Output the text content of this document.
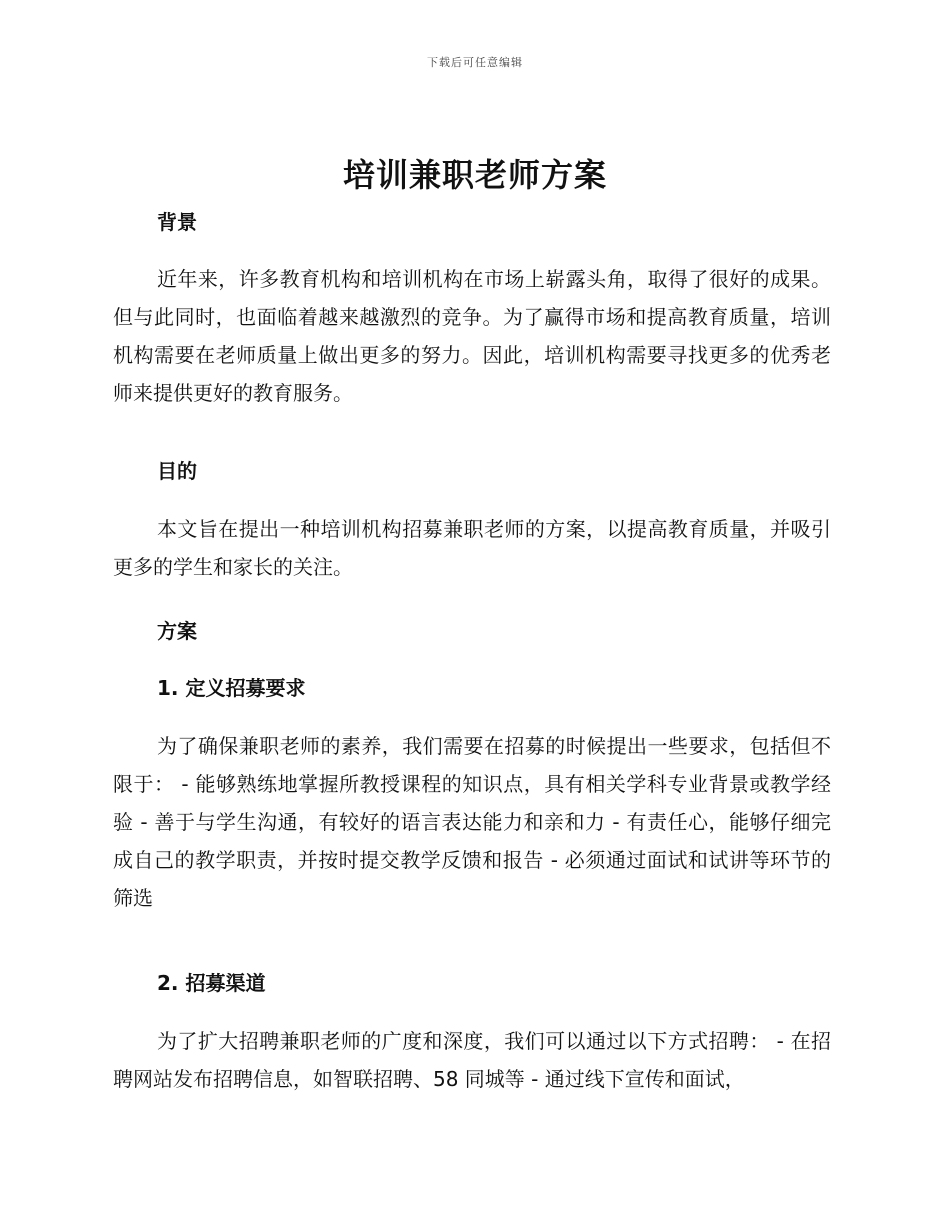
下载后可任意编辑
培训兼职老师方案
背景

近年来，许多教育机构和培训机构在市场上崭露头角，取得了很好的成果。但与此同时，也面临着越来越激烈的竞争。为了赢得市场和提高教育质量，培训机构需要在老师质量上做出更多的努力。因此，培训机构需要寻找更多的优秀老师来提供更好的教育服务。

目的

本文旨在提出一种培训机构招募兼职老师的方案，以提高教育质量，并吸引更多的学生和家长的关注。

方案
1. 定义招募要求

为了确保兼职老师的素养，我们需要在招募的时候提出一些要求，包括但不限于： - 能够熟练地掌握所教授课程的知识点，具有相关学科专业背景或教学经验 - 善于与学生沟通，有较好的语言表达能力和亲和力 - 有责任心，能够仔细完成自己的教学职责，并按时提交教学反馈和报告 - 必须通过面试和试讲等环节的筛选

2. 招募渠道

为了扩大招聘兼职老师的广度和深度，我们可以通过以下方式招聘： - 在招聘网站发布招聘信息，如智联招聘、58 同城等 - 通过线下宣传和面试，
